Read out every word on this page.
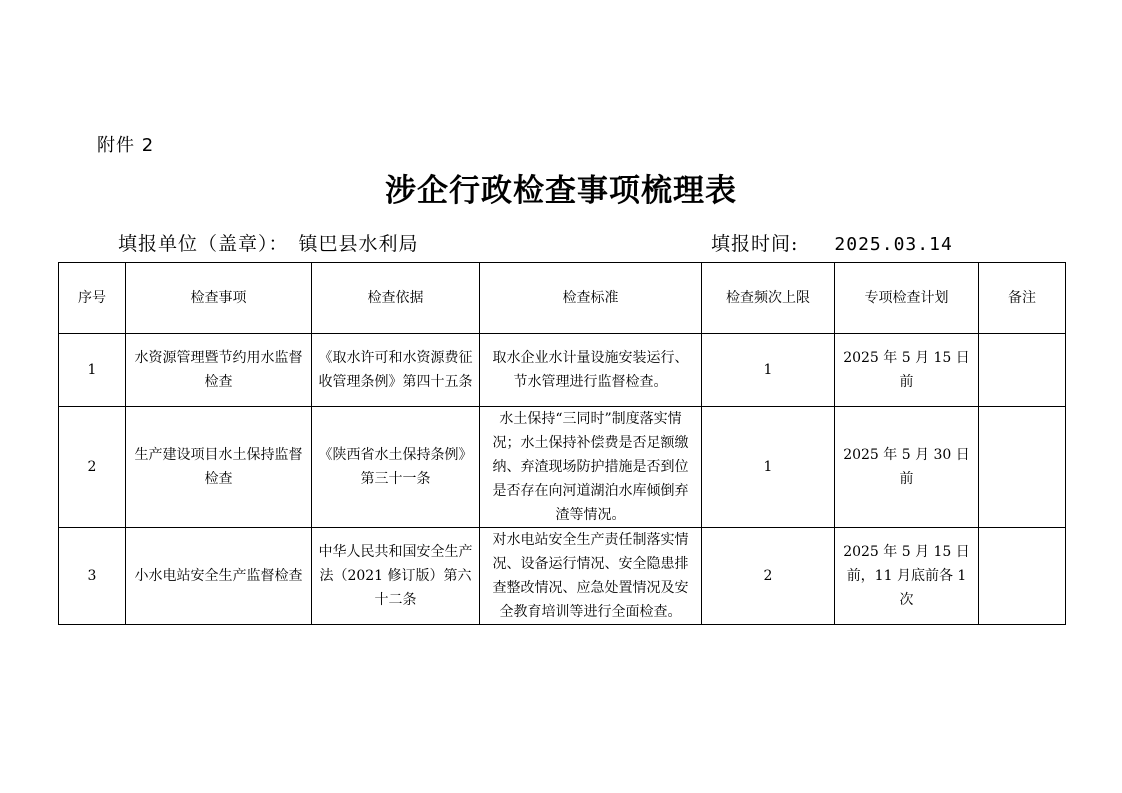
附件 2
涉企行政检查事项梳理表
填报单位（盖章）： 镇巴县水利局	填报时间: 2025.03.14
序号	检查事项	检查依据	检查标准	检查频次上限	专项检查计划	备注
1	水资源管理暨节约用水监督检查	《取水许可和水资源费征收管理条例》第四十五条	取水企业水计量设施安装运行、节水管理进行监督检查。	1	2025 年 5 月 15 日前	
2	生产建设项目水土保持监督检查	《陕西省水土保持条例》第三十一条	水土保持“三同时”制度落实情况；水土保持补偿费是否足额缴纳、弃渣现场防护措施是否到位是否存在向河道湖泊水库倾倒弃渣等情况。	1	2025 年 5 月 30 日前	
3	小水电站安全生产监督检查	中华人民共和国安全生产法（2021 修订版）第六十二条	对水电站安全生产责任制落实情况、设备运行情况、安全隐患排查整改情况、应急处置情况及安全教育培训等进行全面检查。	2	2025 年 5 月 15 日前，11 月底前各 1 次	
